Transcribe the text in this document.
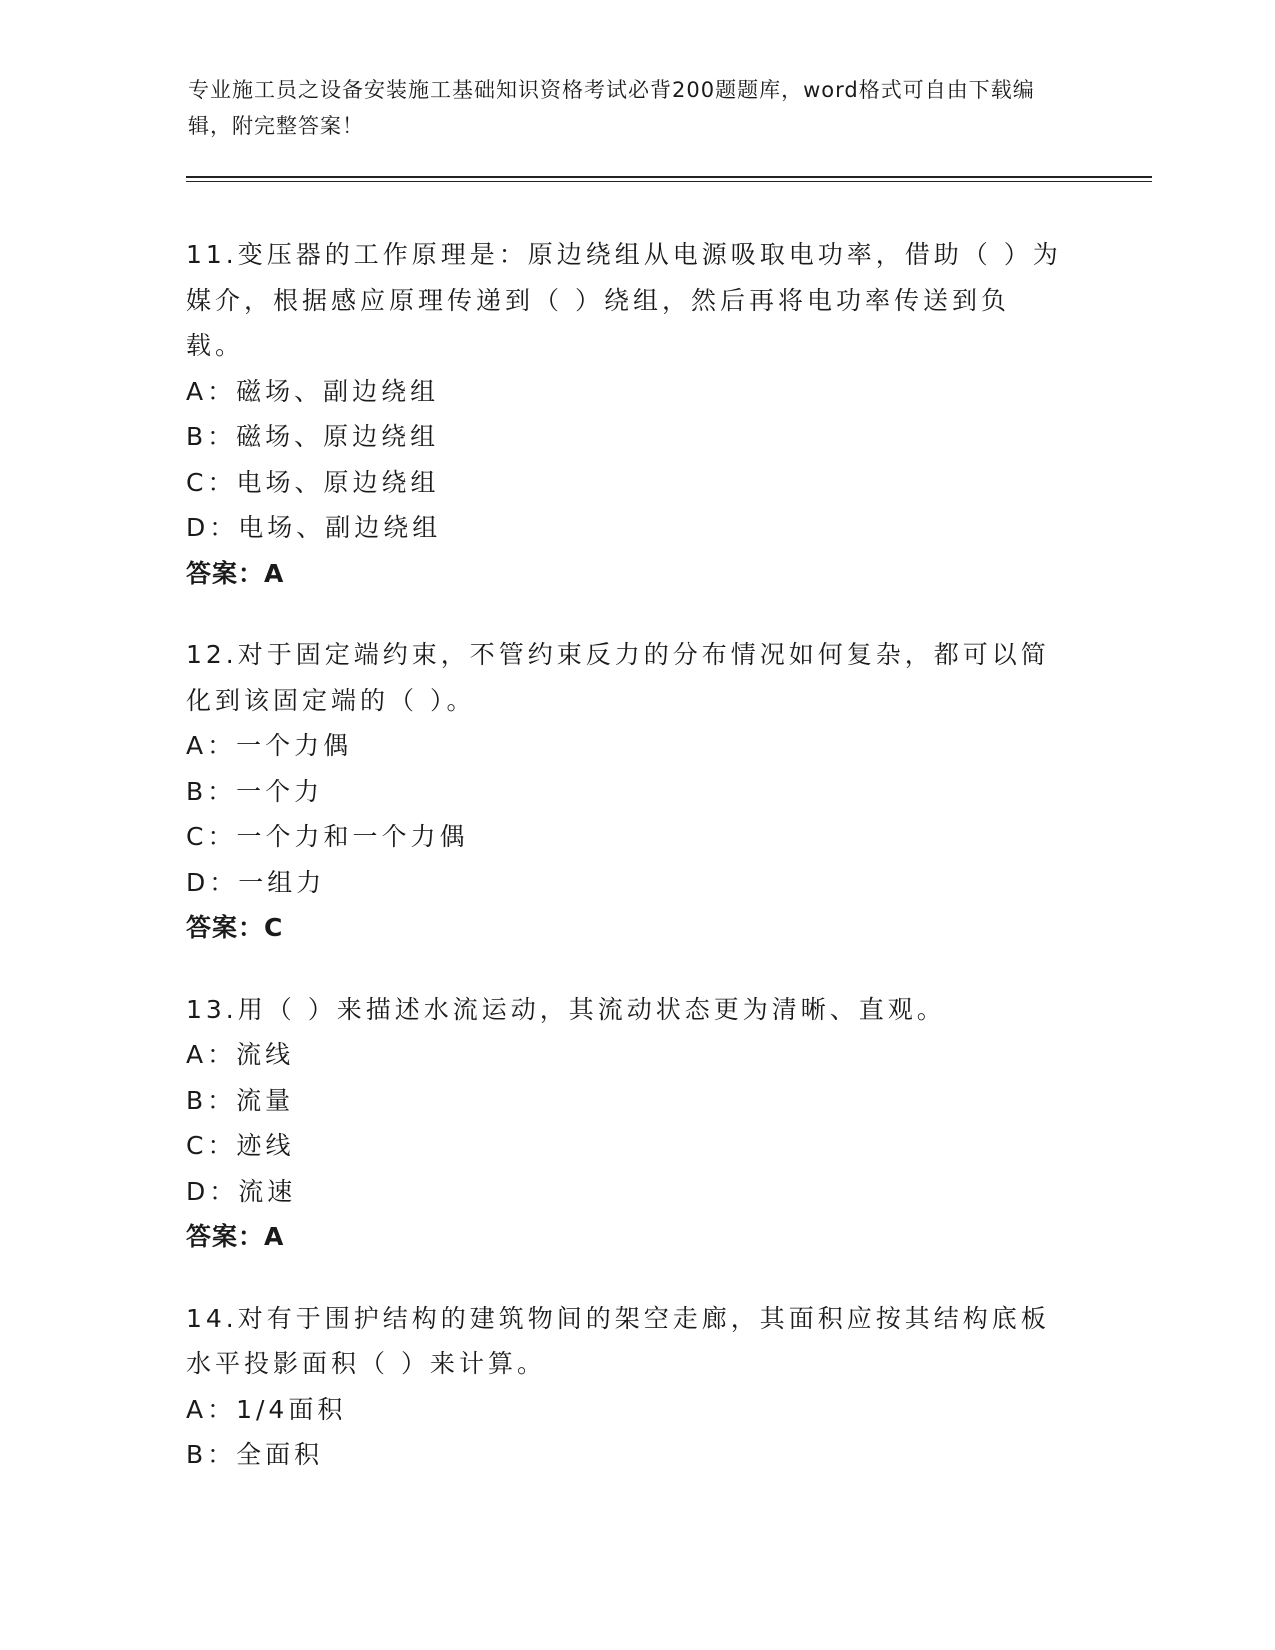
专业施工员之设备安装施工基础知识资格考试必背200题题库，word格式可自由下载编辑，附完整答案！

11.变压器的工作原理是：原边绕组从电源吸取电功率，借助（ ）为媒介，根据感应原理传递到（ ）绕组，然后再将电功率传送到负载。

A：磁场、副边绕组

B：磁场、原边绕组

C：电场、原边绕组

D：电场、副边绕组

答案：A

12.对于固定端约束，不管约束反力的分布情况如何复杂，都可以简化到该固定端的（ ）。

A：一个力偶

B：一个力

C：一个力和一个力偶

D：一组力

答案：C

13.用（ ）来描述水流运动，其流动状态更为清晰、直观。

A：流线

B：流量

C：迹线

D：流速

答案：A

14.对有于围护结构的建筑物间的架空走廊，其面积应按其结构底板水平投影面积（ ）来计算。

A：1/4面积

B：全面积
